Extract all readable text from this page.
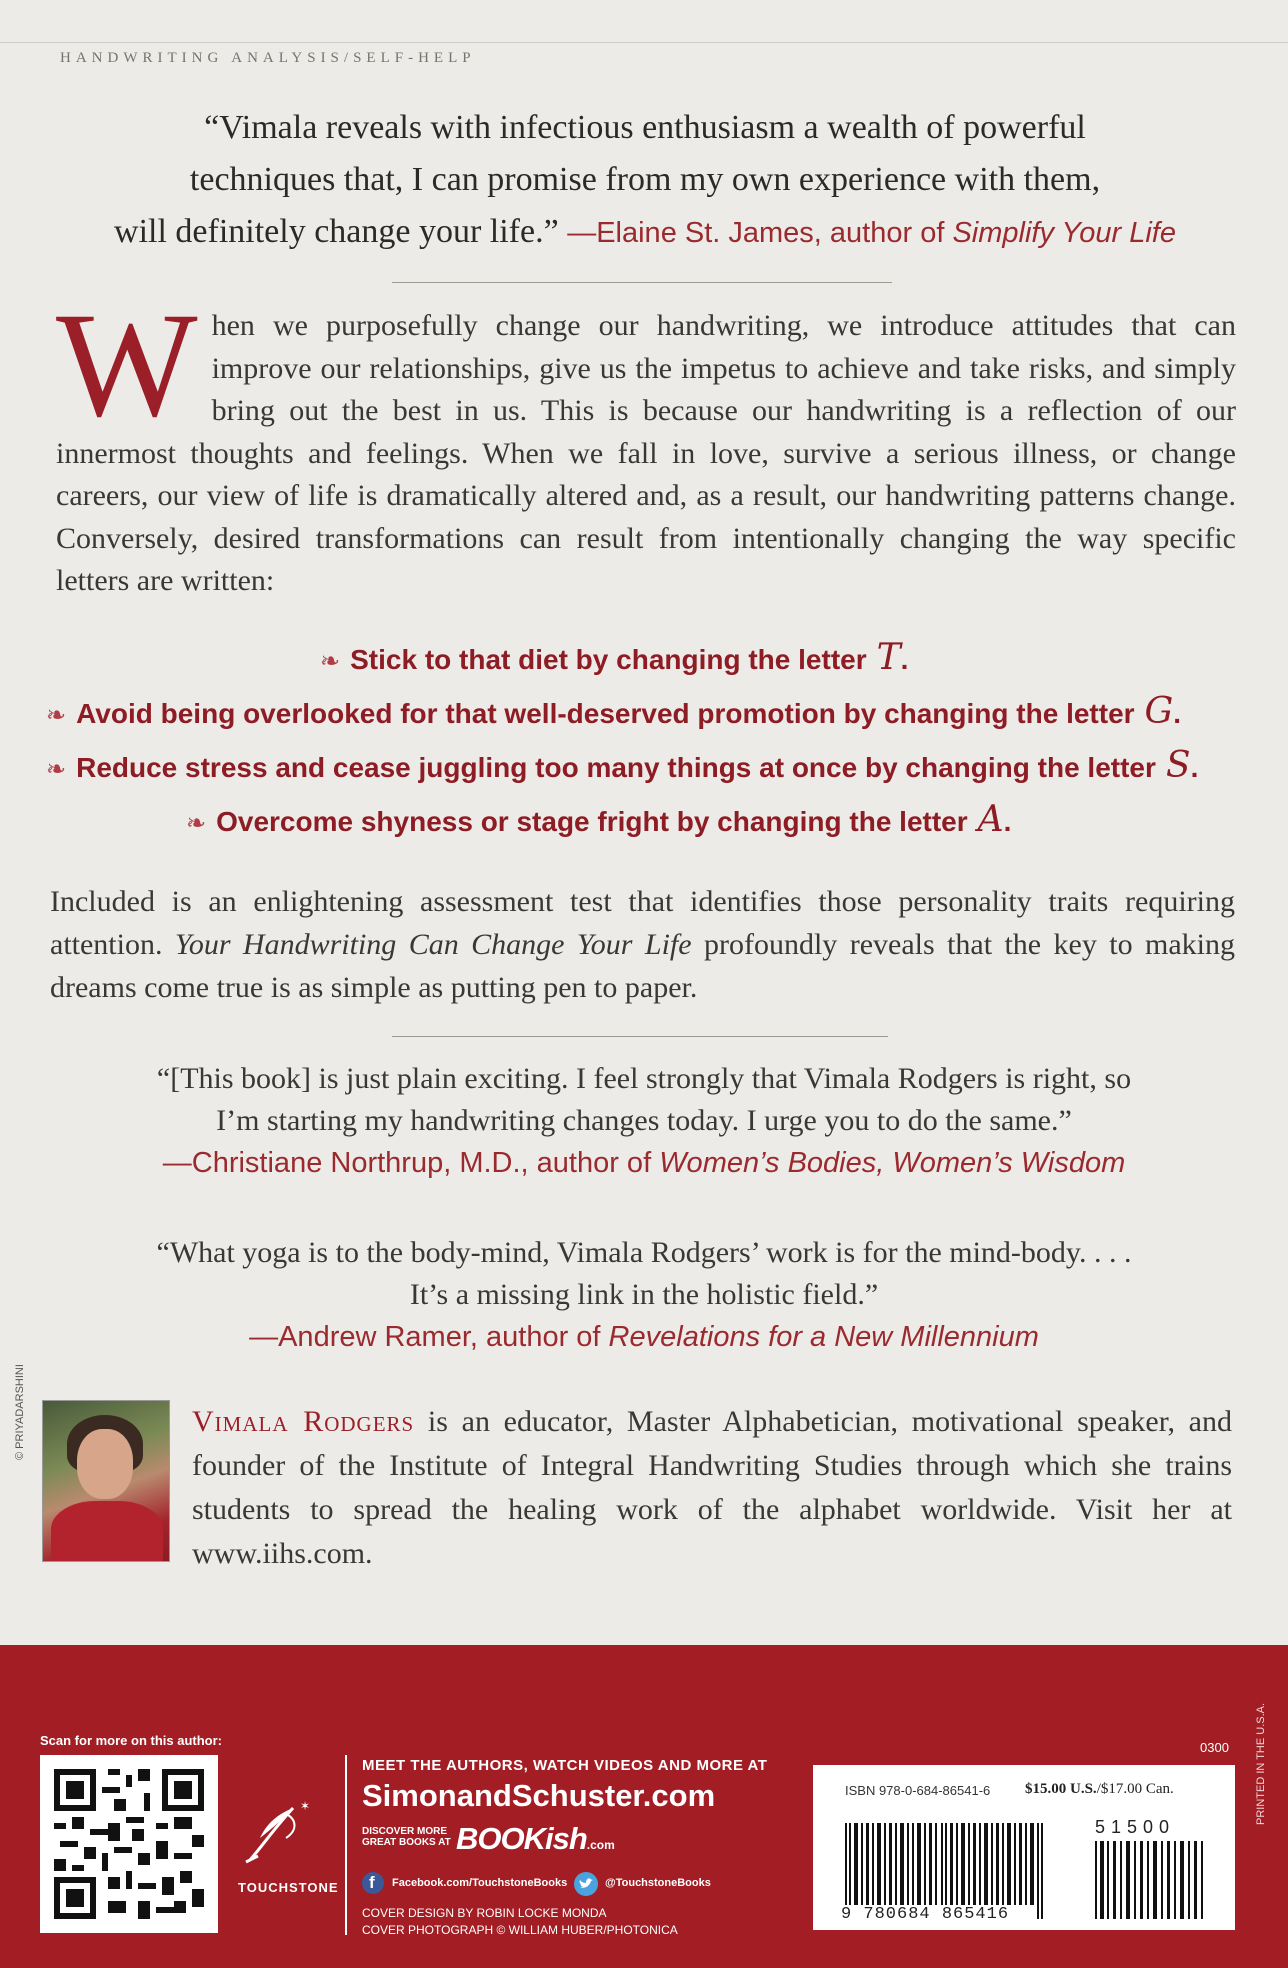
HANDWRITING ANALYSIS/SELF-HELP
“Vimala reveals with infectious enthusiasm a wealth of powerful
techniques that, I can promise from my own experience with them,
will definitely change your life.” —Elaine St. James, author of Simplify Your Life
W hen we purposefully change our handwriting, we introduce attitudes that can improve our relationships, give us the impetus to achieve and take risks, and simply bring out the best in us. This is because our handwriting is a reflection of our innermost thoughts and feelings. When we fall in love, survive a serious illness, or change careers, our view of life is dramatically altered and, as a result, our handwriting patterns change. Conversely, desired transformations can result from intentionally changing the way specific letters are written:
❧ Stick to that diet by changing the letter T.
❧ Avoid being overlooked for that well-deserved promotion by changing the letter G.
❧ Reduce stress and cease juggling too many things at once by changing the letter S.
❧ Overcome shyness or stage fright by changing the letter A.
Included is an enlightening assessment test that identifies those personality traits requiring attention. Your Handwriting Can Change Your Life profoundly reveals that the key to making dreams come true is as simple as putting pen to paper.
“[This book] is just plain exciting. I feel strongly that Vimala Rodgers is right, so
I’m starting my handwriting changes today. I urge you to do the same.”
—Christiane Northrup, M.D., author of Women’s Bodies, Women’s Wisdom
“What yoga is to the body-mind, Vimala Rodgers’ work is for the mind-body. . . .
It’s a missing link in the holistic field.”
—Andrew Ramer, author of Revelations for a New Millennium
© PRIYADARSHINI	Vimala Rodgers is an educator, Master Alphabetician, motivational speaker, and founder of the Institute of Integral Handwriting Studies through which she trains students to spread the healing work of the alphabet worldwide. Visit her at www.iihs.com.
Scan for more on this author:
✶
TOUCHSTONE
MEET THE AUTHORS, WATCH VIDEOS AND MORE AT
SimonandSchuster.com
DISCOVER MORE
GREAT BOOKS AT BOOKish.com
f Facebook.com/TouchstoneBooks	@TouchstoneBooks
COVER DESIGN BY ROBIN LOCKE MONDA
COVER PHOTOGRAPH © WILLIAM HUBER/PHOTONICA
0300
ISBN 978-0-684-86541-6 $15.00 U.S./$17.00 Can.
51500
9 780684 865416
PRINTED IN THE U.S.A.
